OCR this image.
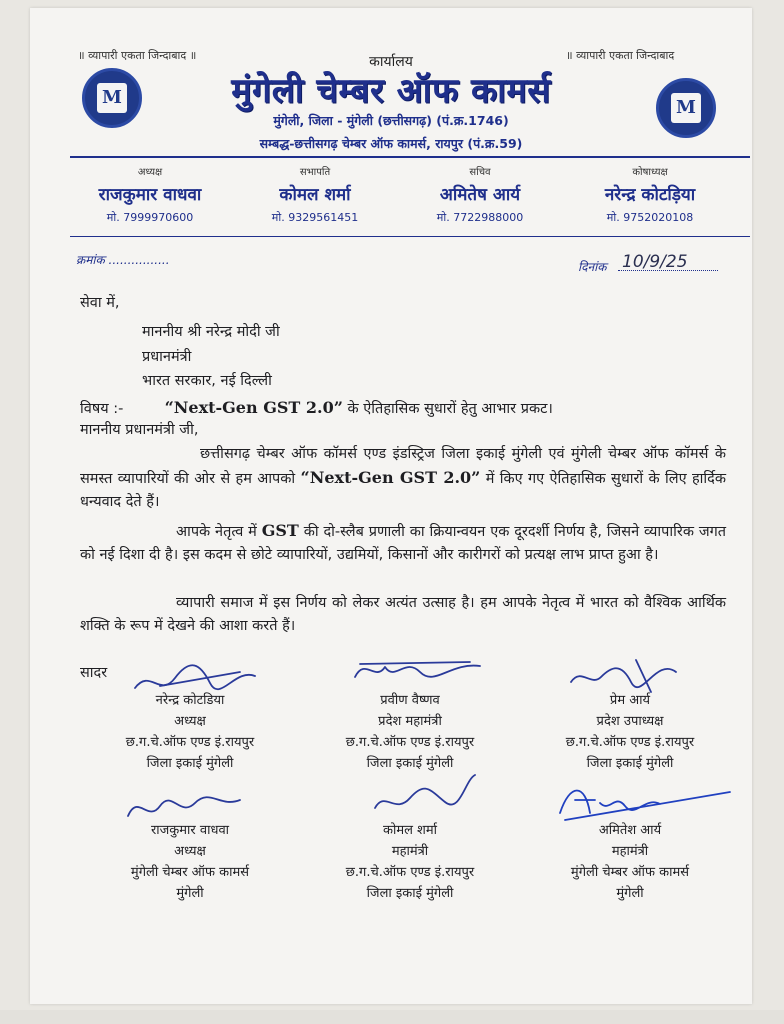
॥ व्यापारी एकता जिन्दाबाद ॥	॥ व्यापारी एकता जिन्दाबाद
M	M
कार्यालय
मुंगेली चेम्बर ऑफ कामर्स
मुंगेली, जिला - मुंगेली (छत्तीसगढ़) (पं.क्र.1746)
सम्बद्ध-छत्तीसगढ़ चेम्बर ऑफ कामर्स, रायपुर (पं.क्र.59)
अध्यक्ष
राजकुमार वाधवा
मो. 7999970600
सभापति
कोमल शर्मा
मो. 9329561451
सचिव
अमितेष आर्य
मो. 7722988000
कोषाध्यक्ष
नरेन्द्र कोटड़िया
मो. 9752020108
क्रमांक ................	दिनांक 10/9/25
सेवा में,
माननीय श्री नरेन्द्र मोदी जी
प्रधानमंत्री
भारत सरकार, नई दिल्ली
विषय :-	“Next-Gen GST 2.0” के ऐतिहासिक सुधारों हेतु आभार प्रकट।
माननीय प्रधानमंत्री जी,
छत्तीसगढ़ चेम्बर ऑफ कॉमर्स एण्ड इंडस्ट्रिज जिला इकाई मुंगेली एवं मुंगेली चेम्बर ऑफ कॉमर्स के समस्त व्यापारियों की ओर से हम आपको “Next-Gen GST 2.0” में किए गए ऐतिहासिक सुधारों के लिए हार्दिक धन्यवाद देते हैं।
आपके नेतृत्व में GST की दो-स्लैब प्रणाली का क्रियान्वयन एक दूरदर्शी निर्णय है, जिसने व्यापारिक जगत को नई दिशा दी है। इस कदम से छोटे व्यापारियों, उद्यमियों, किसानों और कारीगरों को प्रत्यक्ष लाभ प्राप्त हुआ है।
व्यापारी समाज में इस निर्णय को लेकर अत्यंत उत्साह है। हम आपके नेतृत्व में भारत को वैश्विक आर्थिक शक्ति के रूप में देखने की आशा करते हैं।
सादर
नरेन्द्र कोटडिया
अध्यक्ष
छ.ग.चे.ऑफ एण्ड इं.रायपुर
जिला इकाई मुंगेली
प्रवीण वैष्णव
प्रदेश महामंत्री
छ.ग.चे.ऑफ एण्ड इं.रायपुर
जिला इकाई मुंगेली
प्रेम आर्य
प्रदेश उपाध्यक्ष
छ.ग.चे.ऑफ एण्ड इं.रायपुर
जिला इकाई मुंगेली
राजकुमार वाधवा
अध्यक्ष
मुंगेली चेम्बर ऑफ कामर्स
मुंगेली
कोमल शर्मा
महामंत्री
छ.ग.चे.ऑफ एण्ड इं.रायपुर
जिला इकाई मुंगेली
अमितेश आर्य
महामंत्री
मुंगेली चेम्बर ऑफ कामर्स
मुंगेली
